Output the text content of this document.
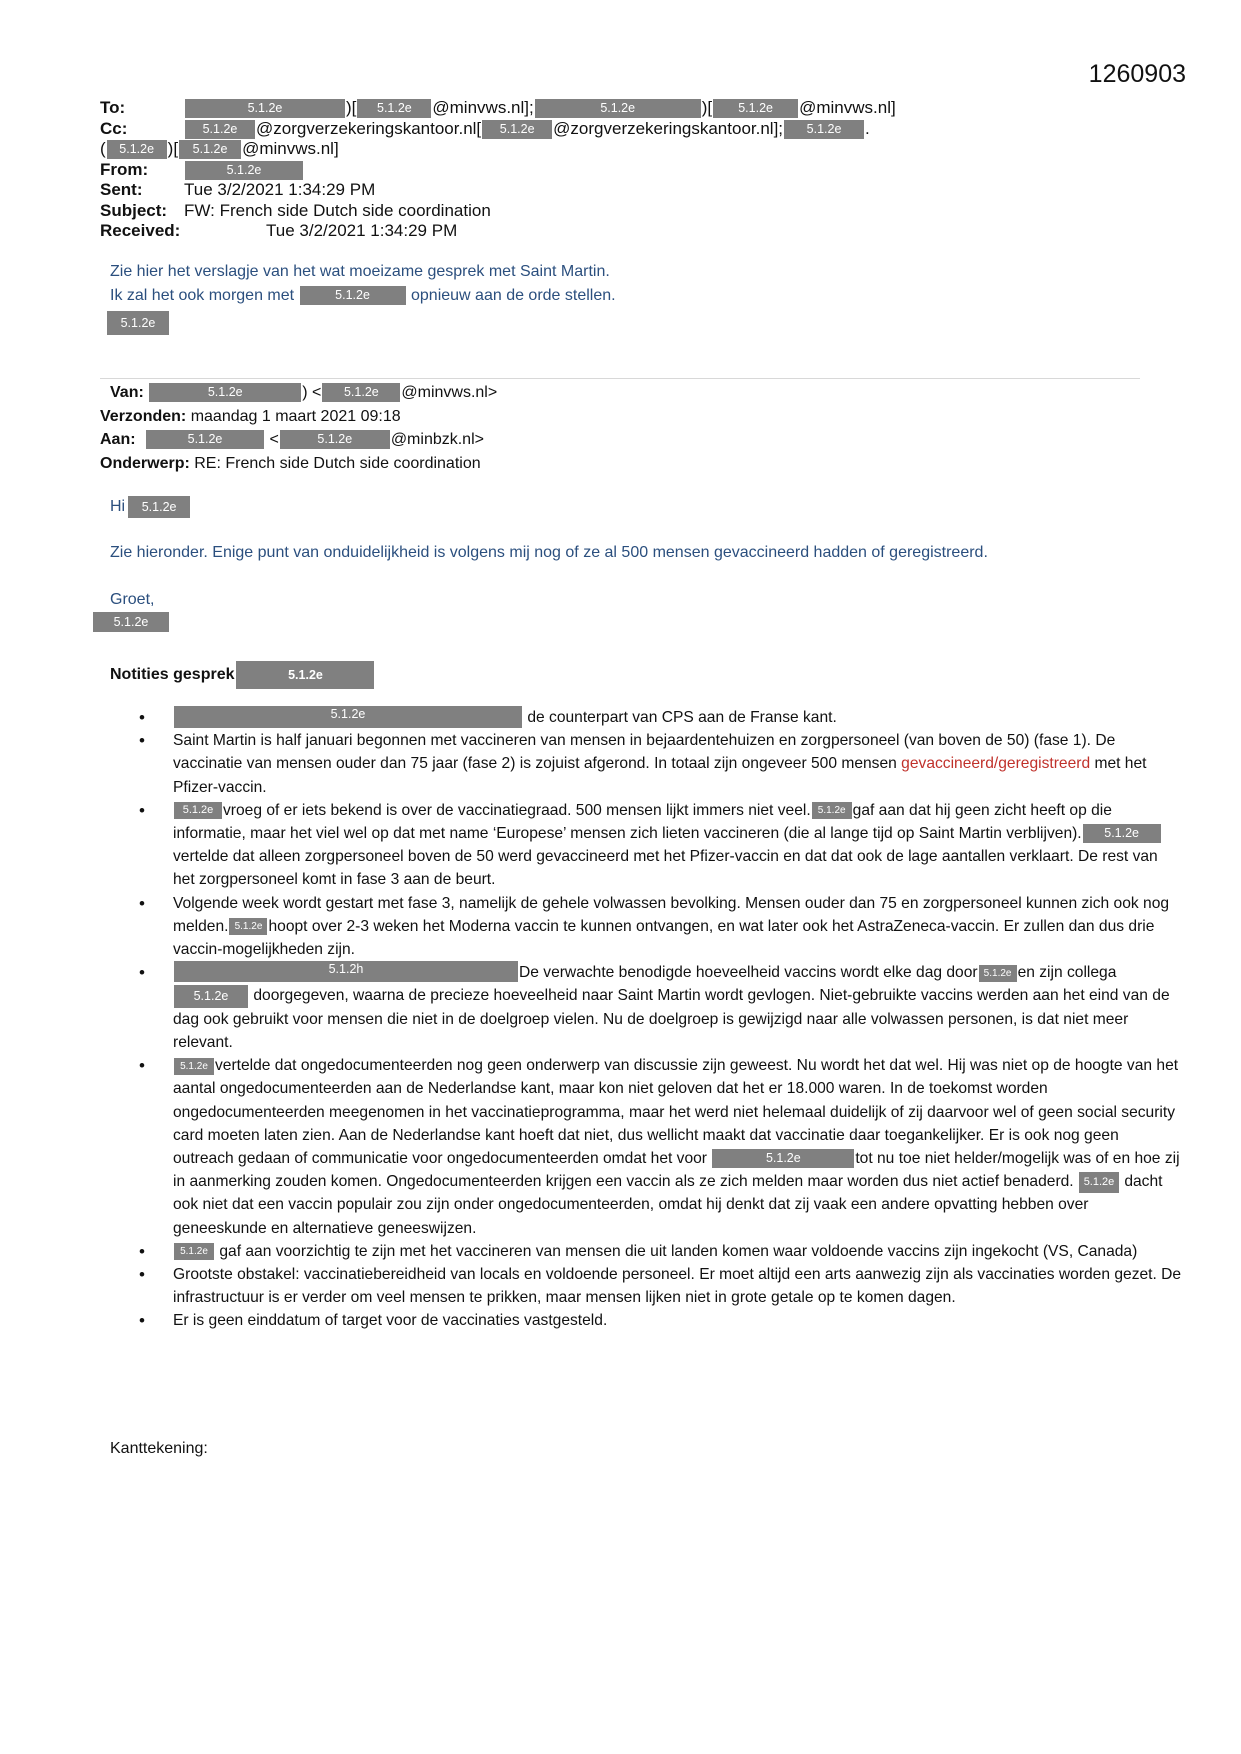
1260903
To:	5.1.2e	)[ 5.1.2e @minvws.nl];	5.1.2e	)[ 5.1.2e @minvws.nl]
Cc:	5.1.2e @zorgverzekeringskantoor.nl[ 5.1.2e @zorgverzekeringskantoor.nl]; 5.1.2e .
( 5.1.2e )[ 5.1.2e @minvws.nl]
From:	5.1.2e
Sent: Tue 3/2/2021 1:34:29 PM
Subject: FW: French side Dutch side coordination
Received:	Tue 3/2/2021 1:34:29 PM
Zie hier het verslagje van het wat moeizame gesprek met Saint Martin.
Ik zal het ook morgen met	5.1.2e	opnieuw aan de orde stellen.
5.1.2e
Van:	5.1.2e	) < 5.1.2e @minvws.nl>
Verzonden: maandag 1 maart 2021 09:18
Aan:	5.1.2e	<	5.1.2e @minbzk.nl>
Onderwerp: RE: French side Dutch side coordination
Hi 5.1.2e
Zie hieronder. Enige punt van onduidelijkheid is volgens mij nog of ze al 500 mensen gevaccineerd hadden of geregistreerd.
Groet,
5.1.2e
Notities gesprek	5.1.2e
• 5.1.2e	de counterpart van CPS aan de Franse kant.
• Saint Martin is half januari begonnen met vaccineren van mensen in bejaardentehuizen en zorgpersoneel (van boven de 50) (fase 1). De vaccinatie van mensen ouder dan 75 jaar (fase 2) is zojuist afgerond. In totaal zijn ongeveer 500 mensen gevaccineerd/geregistreerd met het Pfizer-vaccin.
• 5.1.2e vroeg of er iets bekend is over de vaccinatiegraad. 500 mensen lijkt immers niet veel. 5.1.2e gaf aan dat hij geen zicht heeft op die informatie, maar het viel wel op dat met name ‘Europese’ mensen zich lieten vaccineren (die al lange tijd op Saint Martin verblijven). 5.1.2e vertelde dat alleen zorgpersoneel boven de 50 werd gevaccineerd met het Pfizer-vaccin en dat dat ook de lage aantallen verklaart. De rest van het zorgpersoneel komt in fase 3 aan de beurt.
• Volgende week wordt gestart met fase 3, namelijk de gehele volwassen bevolking. Mensen ouder dan 75 en zorgpersoneel kunnen zich ook nog melden. 5.1.2e hoopt over 2-3 weken het Moderna vaccin te kunnen ontvangen, en wat later ook het AstraZeneca-vaccin. Er zullen dan dus drie vaccin-mogelijkheden zijn.
• 5.1.2h	De verwachte benodigde hoeveelheid vaccins wordt elke dag door 5.1.2e en zijn collega 5.1.2e doorgegeven, waarna de precieze hoeveelheid naar Saint Martin wordt gevlogen. Niet-gebruikte vaccins werden aan het eind van de dag ook gebruikt voor mensen die niet in de doelgroep vielen. Nu de doelgroep is gewijzigd naar alle volwassen personen, is dat niet meer relevant.
• 5.1.2e vertelde dat ongedocumenteerden nog geen onderwerp van discussie zijn geweest. Nu wordt het dat wel. Hij was niet op de hoogte van het aantal ongedocumenteerden aan de Nederlandse kant, maar kon niet geloven dat het er 18.000 waren. In de toekomst worden ongedocumenteerden meegenomen in het vaccinatieprogramma, maar het werd niet helemaal duidelijk of zij daarvoor wel of geen social security card moeten laten zien. Aan de Nederlandse kant hoeft dat niet, dus wellicht maakt dat vaccinatie daar toegankelijker. Er is ook nog geen outreach gedaan of communicatie voor ongedocumenteerden omdat het voor	5.1.2e	tot nu toe niet helder/mogelijk was of en hoe zij in aanmerking zouden komen. Ongedocumenteerden krijgen een vaccin als ze zich melden maar worden dus niet actief benaderd. 5.1.2e dacht ook niet dat een vaccin populair zou zijn onder ongedocumenteerden, omdat hij denkt dat zij vaak een andere opvatting hebben over geneeskunde en alternatieve geneeswijzen.
• 5.1.2e gaf aan voorzichtig te zijn met het vaccineren van mensen die uit landen komen waar voldoende vaccins zijn ingekocht (VS, Canada)
• Grootste obstakel: vaccinatiebereidheid van locals en voldoende personeel. Er moet altijd een arts aanwezig zijn als vaccinaties worden gezet. De infrastructuur is er verder om veel mensen te prikken, maar mensen lijken niet in grote getale op te komen dagen.
• Er is geen einddatum of target voor de vaccinaties vastgesteld.
Kanttekening:
